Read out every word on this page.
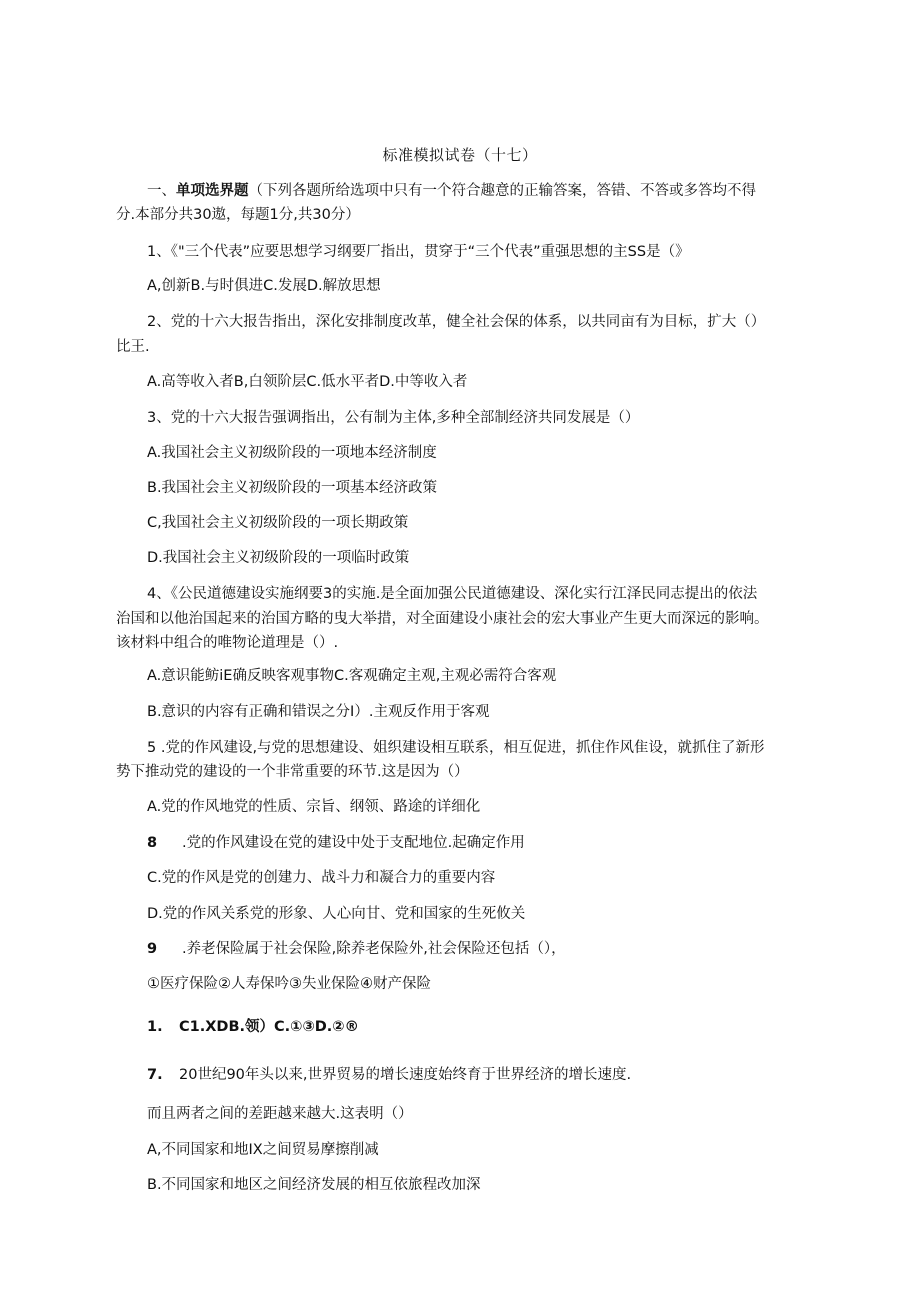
标准模拟试卷（十七）
一、单项选界题（下列各题所给选项中只有一个符合趣意的正输答案，答错、不答或多答均不得
分.本部分共30遨，每题1分,共30分）
1、《"三个代表”应要思想学习纲要厂指出，贯穿于“三个代表”重强思想的主SS是（》
A,创新B.与时俱进C.发展D.解放思想
2、党的十六大报告指出，深化安排制度改革，健全社会保的体系，以共同亩有为目标，扩大（）
比王.
A.高等收入者B,白领阶层C.低水平者D.中等收入者
3、党的十六大报告强调指出，公有制为主体,多种全部制经济共同发展是（）
A.我国社会主义初级阶段的一项地本经济制度
B.我国社会主义初级阶段的一项基本经济政策
C,我国社会主义初级阶段的一项长期政策
D.我国社会主义初级阶段的一项临时政策
4、《公民道德建设实施纲要3的实施.是全面加强公民道德建设、深化实行江泽民同志提出的依法
治国和以他治国起来的治国方略的曳大举措，对全面建设小康社会的宏大事业产生更大而深远的影响。
该材料中组合的唯物论道理是（）.
A.意识能鲂iE确反映客观事物C.客观确定主观,主观必需符合客观
B.意识的内容有正确和错误之分I）.主观反作用于客观
5 .党的作风建设,与党的思想建设、姐织建设相互联系，相互促进，抓住作风隹设，就抓住了新形
势下推动党的建设的一个非常重要的环节.这是因为（）
A.党的作风地党的性质、宗旨、纲领、路途的详细化
8 .党的作风建设在党的建设中处于支配地位.起确定作用
C.党的作风是党的创建力、战斗力和凝合力的重要内容
D.党的作风关系党的形象、人心向甘、党和国家的生死攸关
9 .养老保险属于社会保险,除养老保险外,社会保险还包括（），
①医疗保险②人寿保吟③失业保险④财产保险
1. C1.XDB.领）C.①③D.②®
7. 20世纪90年头以来,世界贸易的增长速度始终育于世界经济的增长速度.
而且两者之间的差距越来越大.这表明（）
A,不同国家和地IX之间贸易摩擦削减
B.不同国家和地区之间经济发展的相互依旅程改加深
